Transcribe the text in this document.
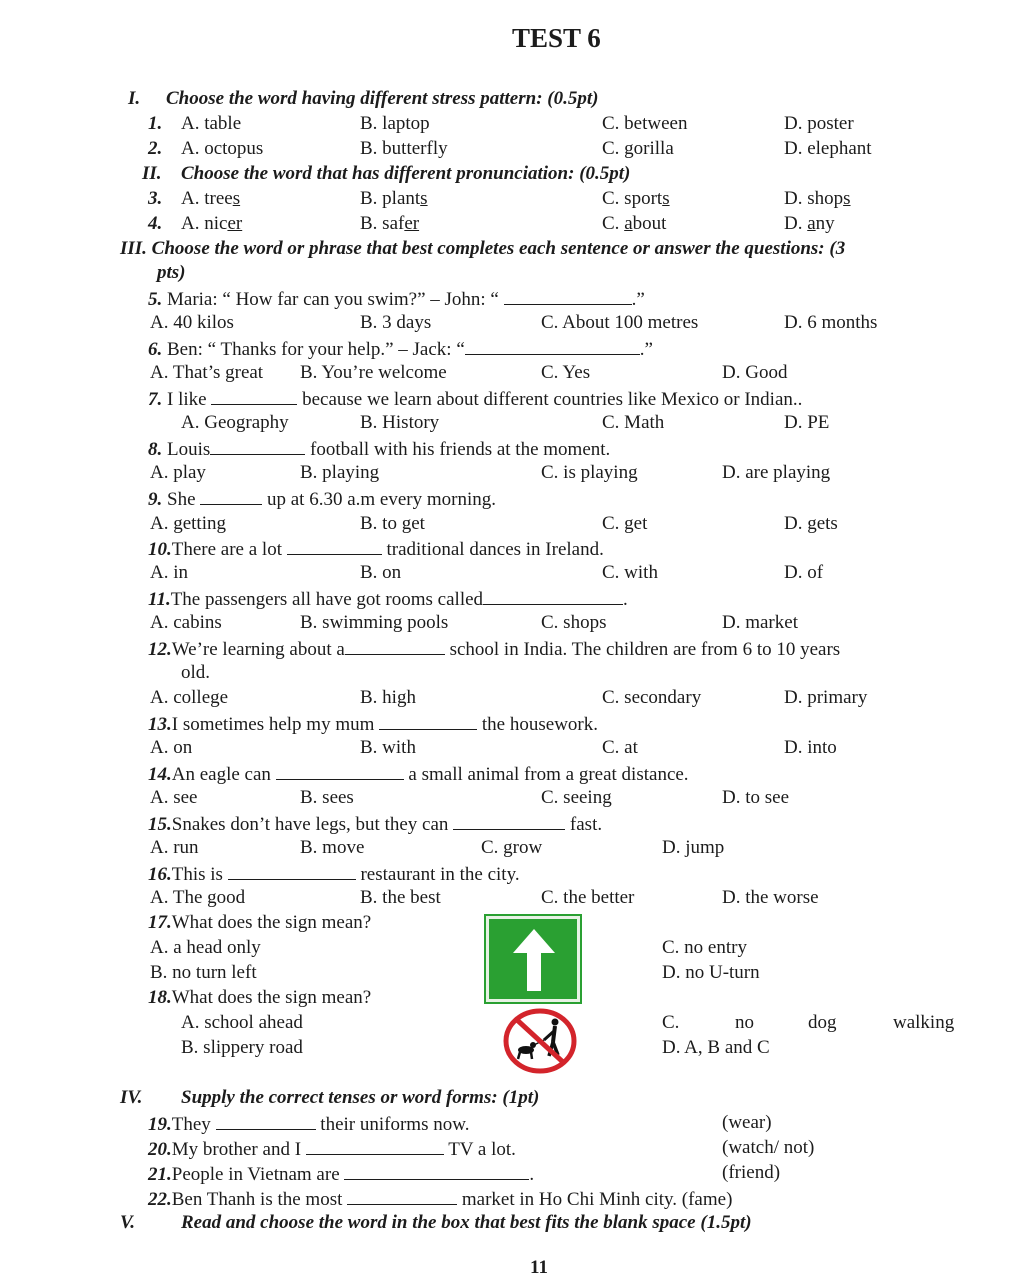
TEST 6
I. Choose the word having different stress pattern: (0.5pt)
1. A. table	B. laptop	C. between	D. poster
2. A. octopus	B. butterfly	C. gorilla	D. elephant
II. Choose the word that has different pronunciation: (0.5pt)
3. A. trees	B. plants	C. sports	D. shops
4. A. nicer	B. safer	C. about	D. any
III. Choose the word or phrase that best completes each sentence or answer the questions: (3
pts)
5. Maria: “ How far can you swim?” – John: “	.”
A. 40 kilos	B. 3 days	C. About 100 metres	D. 6 months
6. Ben: “ Thanks for your help.” – Jack: “	.”
A. That’s great B. You’re welcome	C. Yes	D. Good
7. I like	because we learn about different countries like Mexico or Indian..
A. Geography	B. History	C. Math	D. PE
8. Louis	football with his friends at the moment.
A. play	B. playing	C. is playing	D. are playing
9. She	up at 6.30 a.m every morning.
A. getting	B. to get	C. get	D. gets
10.There are a lot	traditional dances in Ireland.
A. in	B. on	C. with	D. of
11.The passengers all have got rooms called	.
A. cabins	B. swimming pools	C. shops	D. market
12.We’re learning about a	school in India. The children are from 6 to 10 years
old.
A. college	B. high	C. secondary	D. primary
13.I sometimes help my mum	the housework.
A. on	B. with	C. at	D. into
14.An eagle can	a small animal from a great distance.
A. see	B. sees	C. seeing	D. to see
15.Snakes don’t have legs, but they can	fast.
A. run	B. move	C. grow	D. jump
16.This is	restaurant in the city.
A. The good	B. the best	C. the better	D. the worse
17.What does the sign mean?
A. a head only
B. no turn left
C. no entry
D. no U-turn
18.What does the sign mean?
A. school ahead
B. slippery road
C.	no	dog	walking
D. A, B and C
IV. Supply the correct tenses or word forms: (1pt)
19.They	their uniforms now.	(wear)
20.My brother and I	TV a lot.	(watch/ not)
21.People in Vietnam are	.	(friend)
22.Ben Thanh is the most	market in Ho Chi Minh city. (fame)
V. Read and choose the word in the box that best fits the blank space (1.5pt)
11
